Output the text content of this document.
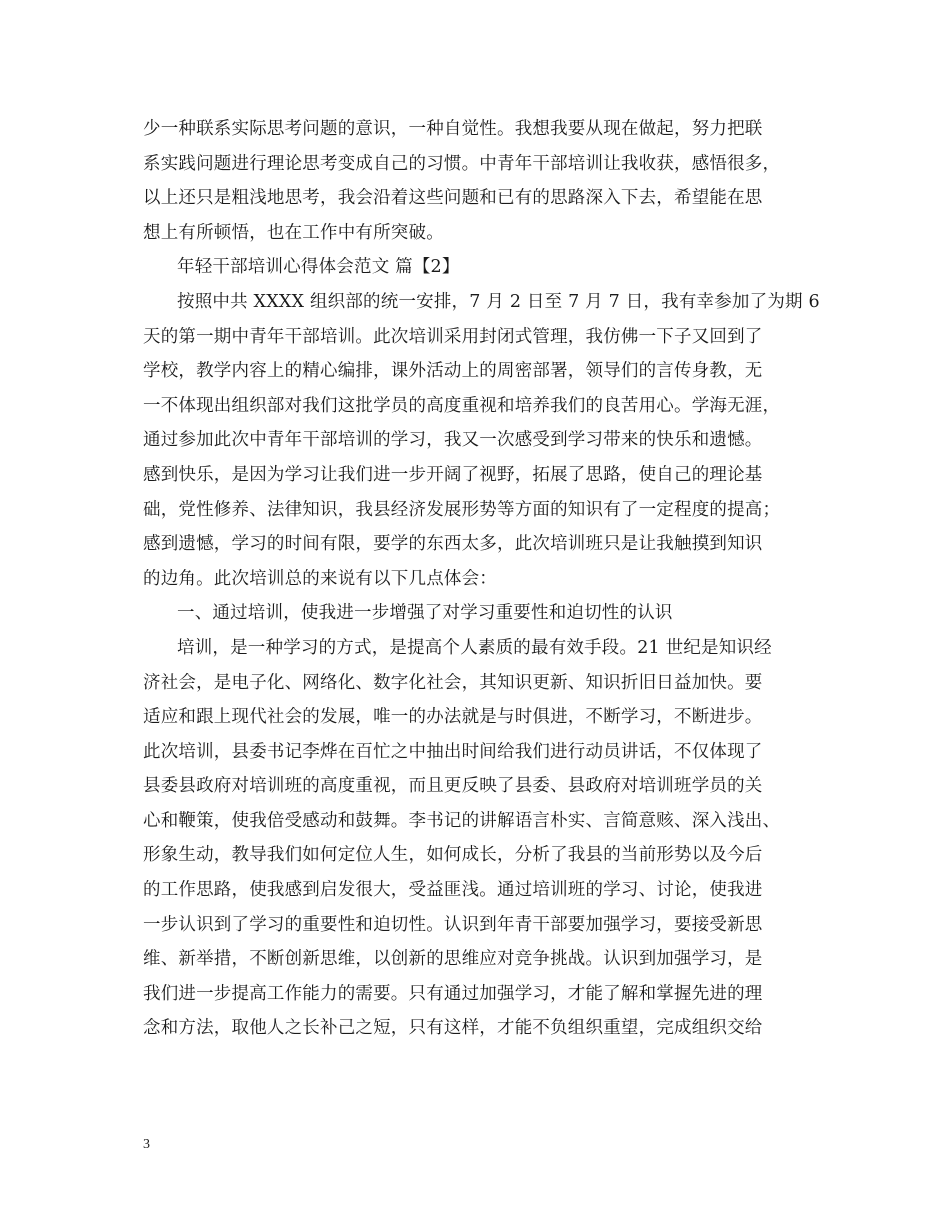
少一种联系实际思考问题的意识，一种自觉性。我想我要从现在做起，努力把联
系实践问题进行理论思考变成自己的习惯。中青年干部培训让我收获，感悟很多，
以上还只是粗浅地思考，我会沿着这些问题和已有的思路深入下去，希望能在思
想上有所顿悟，也在工作中有所突破。
年轻干部培训心得体会范文 篇【2】
按照中共 XXXX 组织部的统一安排，7 月 2 日至 7 月 7 日，我有幸参加了为期 6
天的第一期中青年干部培训。此次培训采用封闭式管理，我仿佛一下子又回到了
学校，教学内容上的精心编排，课外活动上的周密部署，领导们的言传身教，无
一不体现出组织部对我们这批学员的高度重视和培养我们的良苦用心。学海无涯，
通过参加此次中青年干部培训的学习，我又一次感受到学习带来的快乐和遗憾。
感到快乐，是因为学习让我们进一步开阔了视野，拓展了思路，使自己的理论基
础，党性修养、法律知识，我县经济发展形势等方面的知识有了一定程度的提高；
感到遗憾，学习的时间有限，要学的东西太多，此次培训班只是让我触摸到知识
的边角。此次培训总的来说有以下几点体会：
一、通过培训，使我进一步增强了对学习重要性和迫切性的认识
培训，是一种学习的方式，是提高个人素质的最有效手段。21 世纪是知识经
济社会，是电子化、网络化、数字化社会，其知识更新、知识折旧日益加快。要
适应和跟上现代社会的发展，唯一的办法就是与时俱进，不断学习，不断进步。
此次培训，县委书记李烨在百忙之中抽出时间给我们进行动员讲话，不仅体现了
县委县政府对培训班的高度重视，而且更反映了县委、县政府对培训班学员的关
心和鞭策，使我倍受感动和鼓舞。李书记的讲解语言朴实、言简意赅、深入浅出、
形象生动，教导我们如何定位人生，如何成长，分析了我县的当前形势以及今后
的工作思路，使我感到启发很大，受益匪浅。通过培训班的学习、讨论，使我进
一步认识到了学习的重要性和迫切性。认识到年青干部要加强学习，要接受新思
维、新举措，不断创新思维，以创新的思维应对竞争挑战。认识到加强学习，是
我们进一步提高工作能力的需要。只有通过加强学习，才能了解和掌握先进的理
念和方法，取他人之长补己之短，只有这样，才能不负组织重望，完成组织交给
3
